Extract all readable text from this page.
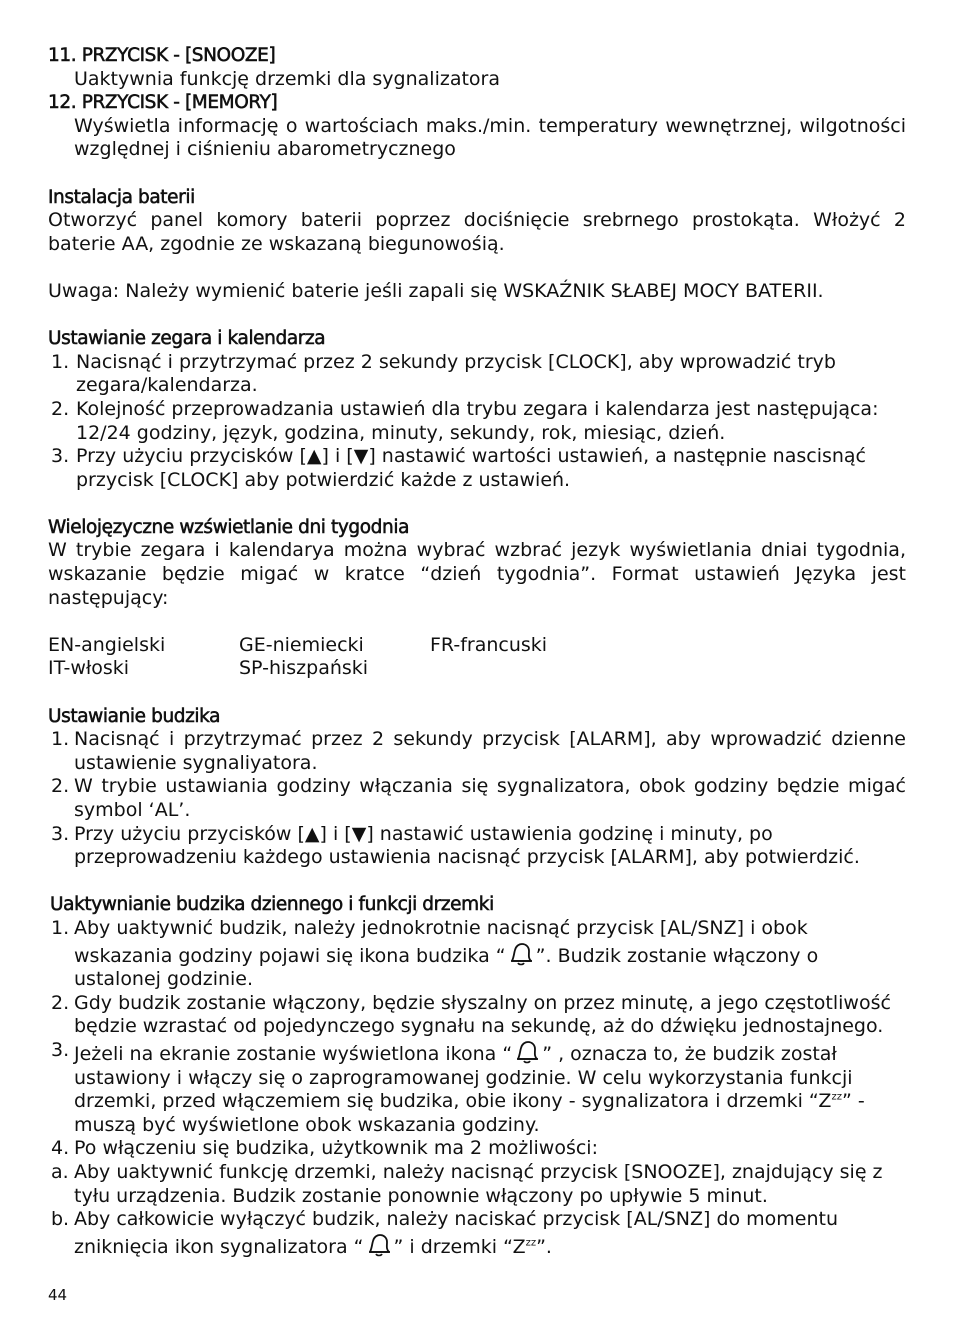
11. PRZYCISK - [SNOOZE]
Uaktywnia funkcję drzemki dla sygnalizatora
12. PRZYCISK - [MEMORY]
Wyświetla informację o wartościach maks./min. temperatury wewnętrznej, wilgotności względnej i ciśnieniu abarometrycznego
Instalacja baterii
Otworzyć panel komory baterii poprzez dociśnięcie srebrnego prostokąta. Włożyć 2 baterie AA, zgodnie ze wskazaną biegunowośią.
Uwaga: Należy wymienić baterie jeśli zapali się WSKAŹNIK SŁABEJ MOCY BATERII.
Ustawianie zegara i kalendarza
1. Nacisnąć i przytrzymać przez 2 sekundy przycisk [CLOCK], aby wprowadzić tryb zegara/kalendarza.
2. Kolejność przeprowadzania ustawień dla trybu zegara i kalendarza jest następująca: 12/24 godziny, język, godzina, minuty, sekundy, rok, miesiąc, dzień.
3. Przy użyciu przycisków [▲] i [▼] nastawić wartości ustawień, a następnie nascisnąć przycisk [CLOCK] aby potwierdzić każde z ustawień.
Wielojęzyczne wzświetlanie dni tygodnia
W trybie zegara i kalendarya można wybrać wzbrać jezyk wyświetlania dniai tygodnia, wskazanie będzie migać w kratce “dzień tygodnia”. Format ustawień Języka jest następujący:
EN-angielski	GE-niemiecki	FR-francuski
IT-włoski	SP-hiszpański
Ustawianie budzika
1. Nacisnąć i przytrzymać przez 2 sekundy przycisk [ALARM], aby wprowadzić dzienne ustawienie sygnaliyatora.
2. W trybie ustawiania godziny włączania się sygnalizatora, obok godziny będzie migać symbol ‘AL’.
3. Przy użyciu przycisków [▲] i [▼] nastawić ustawienia godzinę i minuty, po przeprowadzeniu każdego ustawienia nacisnąć przycisk [ALARM], aby potwierdzić.
Uaktywnianie budzika dziennego i funkcji drzemki
1. Aby uaktywnić budzik, należy jednokrotnie nacisnąć przycisk [AL/SNZ] i obok wskazania godziny pojawi się ikona budzika “ ”. Budzik zostanie włączony o ustalonej godzinie.
2. Gdy budzik zostanie włączony, będzie słyszalny on przez minutę, a jego częstotliwość będzie wzrastać od pojedynczego sygnału na sekundę, aż do dźwięku jednostajnego.
3. Jeżeli na ekranie zostanie wyświetlona ikona “ ” , oznacza to, że budzik został ustawiony i włączy się o zaprogramowanej godzinie. W celu wykorzystania funkcji drzemki, przed włączemiem się budzika, obie ikony - sygnalizatora i drzemki “$Z^{zz}$” - muszą być wyświetlone obok wskazania godziny.
4. Po włączeniu się budzika, użytkownik ma 2 możliwości:
a. Aby uaktywnić funkcję drzemki, należy nacisnąć przycisk [SNOOZE], znajdujący się z tyłu urządzenia. Budzik zostanie ponownie włączony po upływie 5 minut.
b. Aby całkowicie wyłączyć budzik, należy naciskać przycisk [AL/SNZ] do momentu zniknięcia ikon sygnalizatora “ ” i drzemki “$Z^{zz}$”.
44
